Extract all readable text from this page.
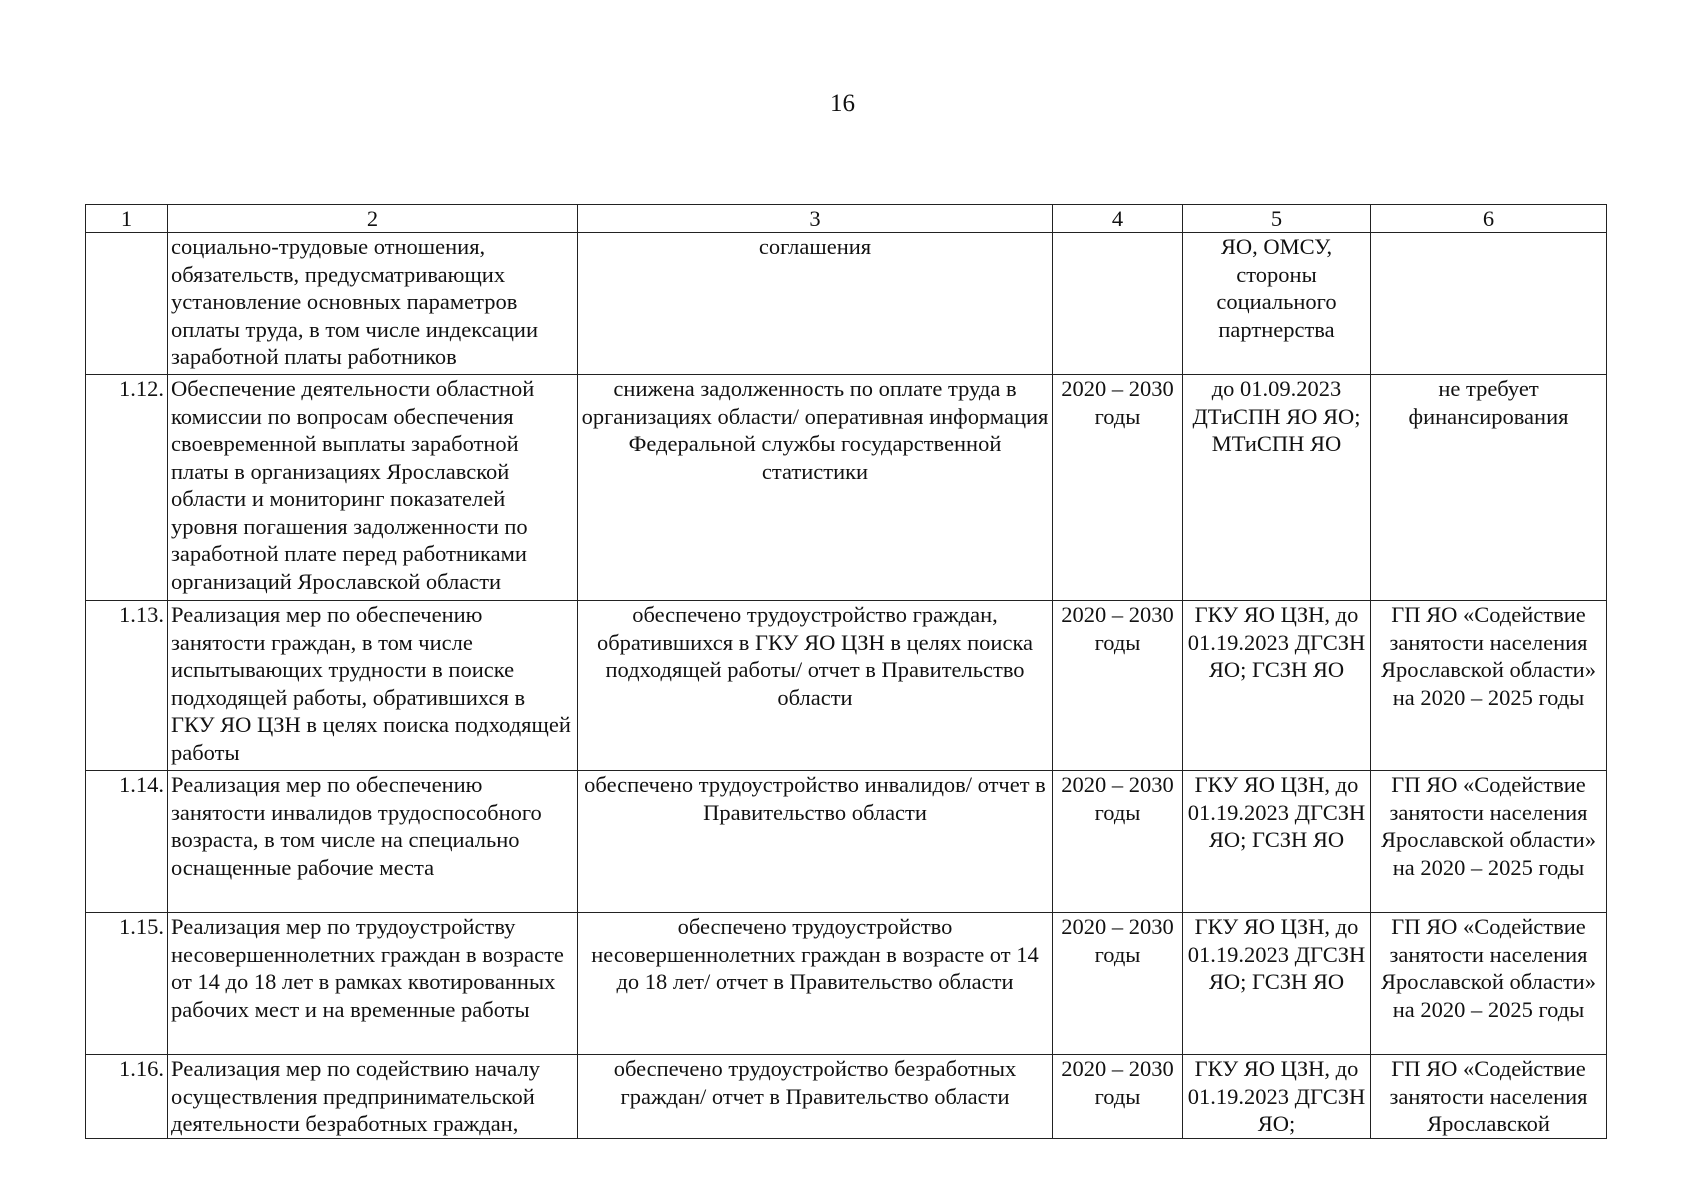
16
1	2	3	4	5	6
	социально-трудовые отношения, обязательств, предусматривающих установление основных параметров оплаты труда, в том числе индексации заработной платы работников	соглашения		ЯО, ОМСУ, стороны социального партнерства	
1.12.	Обеспечение деятельности областной комиссии по вопросам обеспечения своевременной выплаты заработной платы в организациях Ярославской области и мониторинг показателей уровня погашения задолженности по заработной плате перед работниками организаций Ярославской области	снижена задолженность по оплате труда в организациях области/ оперативная информация Федеральной службы государственной статистики	2020 – 2030 годы	до 01.09.2023 ДТиСПН ЯО ЯО; МТиСПН ЯО	не требует финансирования
1.13.	Реализация мер по обеспечению занятости граждан, в том числе испытывающих трудности в поиске подходящей работы, обратившихся в ГКУ ЯО ЦЗН в целях поиска подходящей работы	обеспечено трудоустройство граждан, обратившихся в ГКУ ЯО ЦЗН в целях поиска подходящей работы/ отчет в Правительство области	2020 – 2030 годы	ГКУ ЯО ЦЗН, до 01.19.2023 ДГСЗН ЯО; ГСЗН ЯО	ГП ЯО «Содействие занятости населения Ярославской области» на 2020 – 2025 годы
1.14.	Реализация мер по обеспечению занятости инвалидов трудоспособного возраста, в том числе на специально оснащенные рабочие места	обеспечено трудоустройство инвалидов/ отчет в Правительство области	2020 – 2030 годы	ГКУ ЯО ЦЗН, до 01.19.2023 ДГСЗН ЯО; ГСЗН ЯО	ГП ЯО «Содействие занятости населения Ярославской области» на 2020 – 2025 годы
1.15.	Реализация мер по трудоустройству несовершеннолетних граждан в возрасте от 14 до 18 лет в рамках квотированных рабочих мест и на временные работы	обеспечено трудоустройство несовершеннолетних граждан в возрасте от 14 до 18 лет/ отчет в Правительство области	2020 – 2030 годы	ГКУ ЯО ЦЗН, до 01.19.2023 ДГСЗН ЯО; ГСЗН ЯО	ГП ЯО «Содействие занятости населения Ярославской области» на 2020 – 2025 годы
1.16.	Реализация мер по содействию началу осуществления предпринимательской деятельности безработных граждан,	обеспечено трудоустройство безработных граждан/ отчет в Правительство области	2020 – 2030 годы	ГКУ ЯО ЦЗН, до 01.19.2023 ДГСЗН ЯО;	ГП ЯО «Содействие занятости населения Ярославской
